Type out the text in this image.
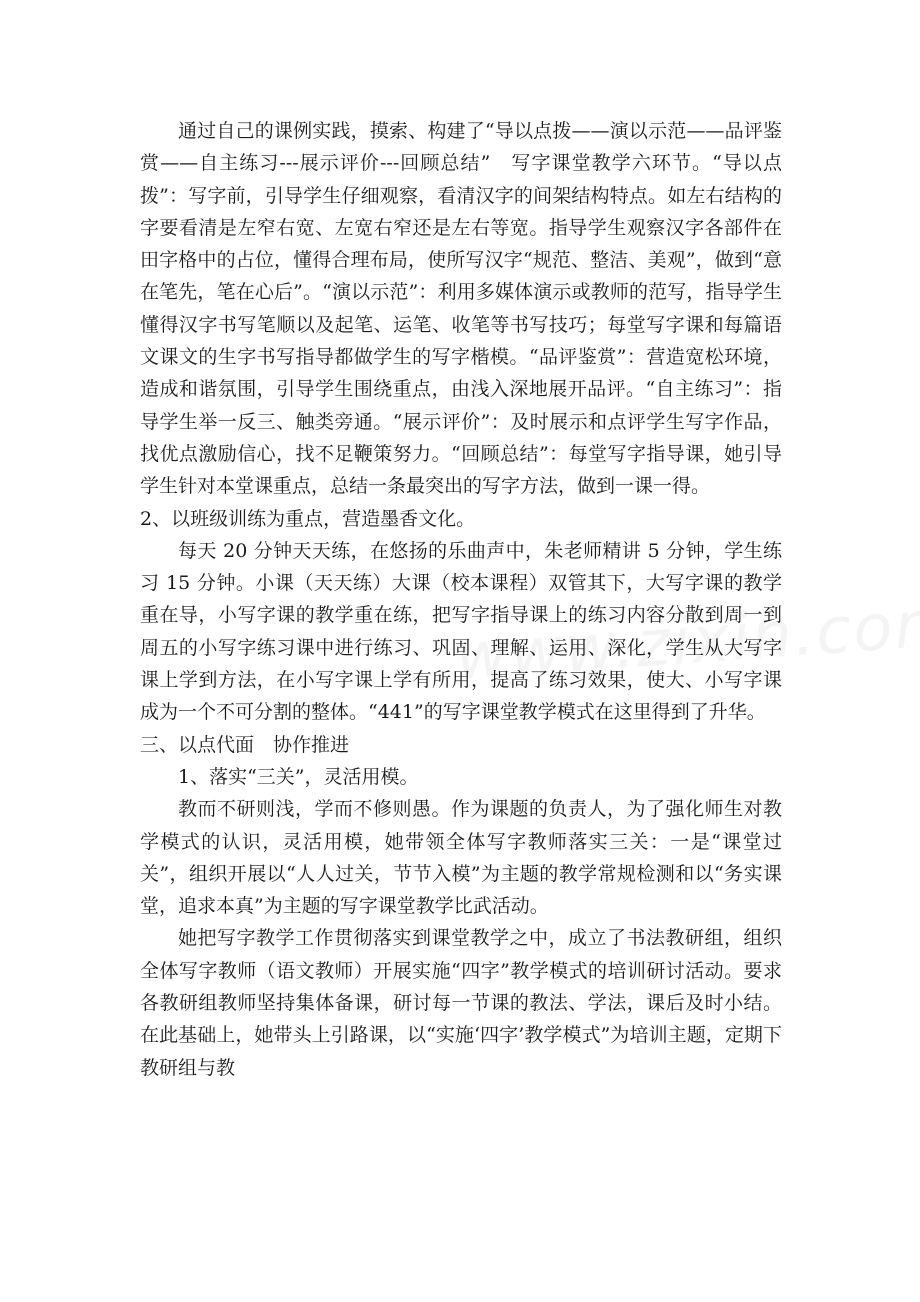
通过自己的课例实践，摸索、构建了“导以点拨——演以示范——品评鉴赏——自主练习---展示评价---回顾总结”　写字课堂教学六环节。“导以点拨”：写字前，引导学生仔细观察，看清汉字的间架结构特点。如左右结构的字要看清是左窄右宽、左宽右窄还是左右等宽。指导学生观察汉字各部件在田字格中的占位，懂得合理布局，使所写汉字“规范、整洁、美观”，做到“意在笔先，笔在心后”。“演以示范”：利用多媒体演示或教师的范写，指导学生懂得汉字书写笔顺以及起笔、运笔、收笔等书写技巧；每堂写字课和每篇语文课文的生字书写指导都做学生的写字楷模。“品评鉴赏”：营造宽松环境，造成和谐氛围，引导学生围绕重点，由浅入深地展开品评。“自主练习”：指导学生举一反三、触类旁通。“展示评价”：及时展示和点评学生写字作品，找优点激励信心，找不足鞭策努力。“回顾总结”：每堂写字指导课，她引导学生针对本堂课重点，总结一条最突出的写字方法，做到一课一得。

2、以班级训练为重点，营造墨香文化。

每天 20 分钟天天练，在悠扬的乐曲声中，朱老师精讲 5 分钟，学生练习 15 分钟。小课（天天练）大课（校本课程）双管其下，大写字课的教学重在导，小写字课的教学重在练，把写字指导课上的练习内容分散到周一到周五的小写字练习课中进行练习、巩固、理解、运用、深化，学生从大写字课上学到方法，在小写字课上学有所用，提高了练习效果，使大、小写字课成为一个不可分割的整体。“441”的写字课堂教学模式在这里得到了升华。

三、以点代面　协作推进

1、落实“三关”，灵活用模。

教而不研则浅，学而不修则愚。作为课题的负责人，为了强化师生对教学模式的认识，灵活用模，她带领全体写字教师落实三关：一是“课堂过关”，组织开展以“人人过关，节节入模”为主题的教学常规检测和以“务实课堂，追求本真”为主题的写字课堂教学比武活动。

她把写字教学工作贯彻落实到课堂教学之中，成立了书法教研组，组织全体写字教师（语文教师）开展实施“四字”教学模式的培训研讨活动。要求各教研组教师坚持集体备课，研讨每一节课的教法、学法，课后及时小结。在此基础上，她带头上引路课，以“实施‘四字’教学模式”为培训主题，定期下教研组与教
